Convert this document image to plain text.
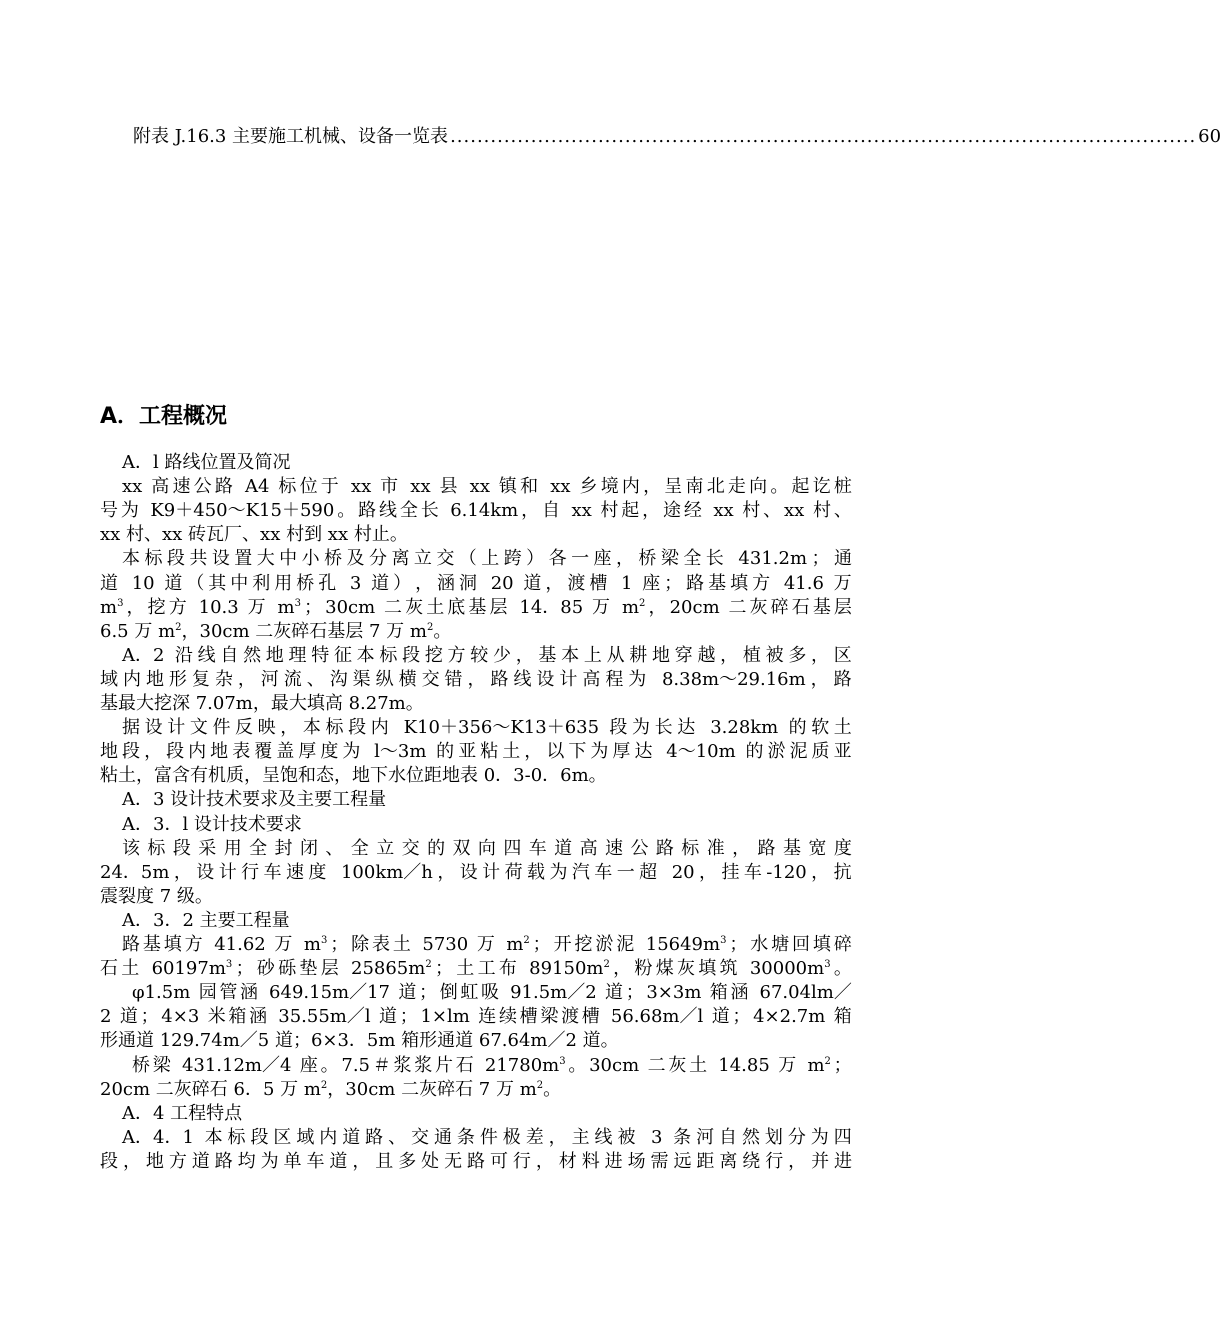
附表 J.16.3 主要施工机械、设备一览表 ............................................................................................................... 60
A．工程概况
A．l 路线位置及简况
xx 高 速 公 路
A4 标 位 于
xx 市
xx 县
xx 镇 和
xx 乡 境 内 ， 呈 南 北 走 向 。 起 讫 桩
号 为
K9＋450～K15＋590 。 路 线 全 长
6.14km ， 自
xx 村 起 ， 途 经
xx 村 、 xx 村 、
xx 村、xx 砖瓦厂、xx 村到 xx 村止。
本 标 段 共 设 置 大 中 小 桥 及 分 离 立 交 （ 上 跨 ） 各 一 座 ， 桥 梁 全 长
431.2m ； 通
道
10 道 （ 其 中 利 用 桥 孔
3 道 ） ， 涵 洞
20 道 ， 渡 槽
1 座 ； 路 基 填 方
41.6 万
$m^3$ ， 挖 方
10.3 万
$m^3$ ； 30cm 二 灰 土 底 基 层
14．85 万
$m^2$ ， 20cm 二 灰 碎 石 基 层
6.5 万 $m^2$，30cm 二灰碎石基层 7 万 $m^2$。
A．2 沿 线 自 然 地 理 特 征 本 标 段 挖 方 较 少 ， 基 本 上 从 耕 地 穿 越 ， 植 被 多 ， 区
域 内 地 形 复 杂 ， 河 流 、 沟 渠 纵 横 交 错 ， 路 线 设 计 高 程 为
8.38m～29.16m ， 路
基最大挖深 7.07m，最大填高 8.27m。
据 设 计 文 件 反 映 ， 本 标 段 内
K10＋356～K13＋635 段 为 长 达
3.28km 的 软 土
地 段 ， 段 内 地 表 覆 盖 厚 度 为
l～3m 的 亚 粘 土 ， 以 下 为 厚 达
4～10m 的 淤 泥 质 亚
粘土，富含有机质，呈饱和态，地下水位距地表 0．3-0．6m。
A．3 设计技术要求及主要工程量
A．3．l 设计技术要求
该 标 段 采 用 全 封 闭 、 全 立 交 的 双 向 四 车 道 高 速 公 路 标 准 ， 路 基 宽 度
24．5m ， 设 计 行 车 速 度
100km／h ， 设 计 荷 载 为 汽 车 一 超
20 ， 挂 车 -120 ， 抗
震裂度 7 级。
A．3．2 主要工程量
路 基 填 方
41.62 万
$m^3$ ； 除 表 土
5730 万
$m^2$ ； 开 挖 淤 泥
$15649m^3$ ； 水 塘 回 填 碎
石 土
$60197m^3$ ； 砂 砾 垫 层
$25865m^2$ ； 土 工 布
$89150m^2$ ， 粉 煤 灰 填 筑
$30000m^3$ 。
φ1.5m 园 管 涵
649.15m／17 道 ； 倒 虹 吸
91.5m／2 道 ； 3×3m 箱 涵
67.04lm／
2 道 ； 4×3 米 箱 涵
35.55m／l 道 ； 1×lm 连 续 槽 梁 渡 槽
56.68m／l 道 ； 4×2.7m 箱
形通道 129.74m／5 道；6×3．5m 箱形通道 67.64m／2 道。
桥 梁
431.12m／4 座 。 7.5 ＃ 浆 浆 片 石
$21780m^3$ 。 30cm 二 灰 土
14.85 万
$m^2$ ；
20cm 二灰碎石 6．5 万 $m^2$，30cm 二灰碎石 7 万 $m^2$。
A．4 工程特点
A．4．1 本 标 段 区 域 内 道 路 、 交 通 条 件 极 差 ， 主 线 被
3 条 河 自 然 划 分 为 四
段 ， 地 方 道 路 均 为 单 车 道 ， 且 多 处 无 路 可 行 ， 材 料 进 场 需 远 距 离 绕 行 ， 并 进
